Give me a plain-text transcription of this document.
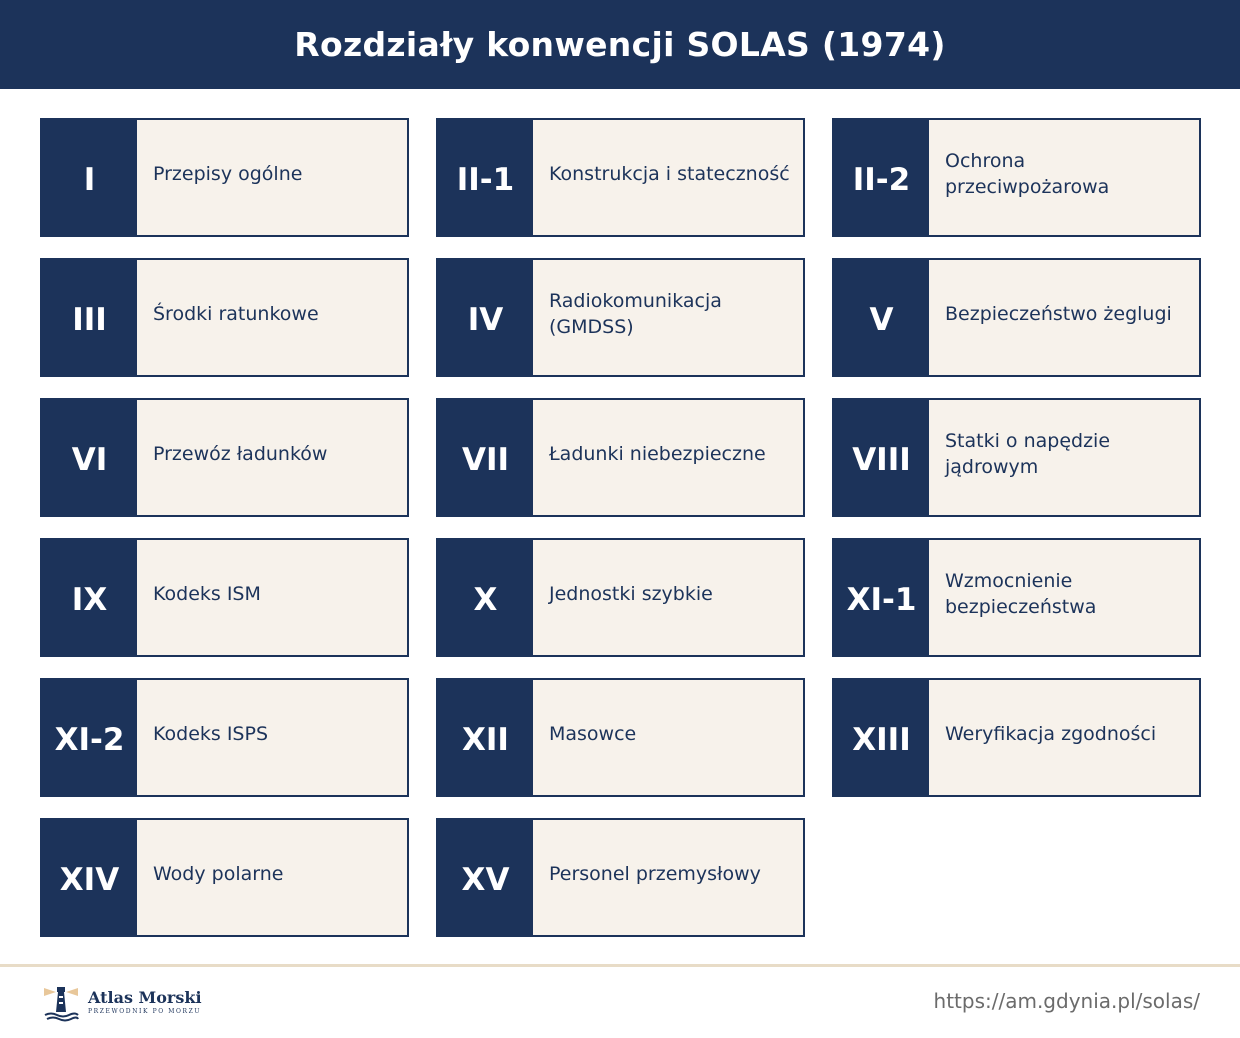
Rozdziały konwencji SOLAS (1974)
I	Przepisy ogólne	II-1	Konstrukcja i stateczność	II-2
Ochrona przeciwpożarowa
III	Środki ratunkowe	IV
Radiokomunikacja (GMDSS)	V	Bezpieczeństwo żeglugi
VI	Przewóz ładunków	VII	Ładunki niebezpieczne	VIII
Statki o napędzie jądrowym
IX	Kodeks ISM	X	Jednostki szybkie	XI-1
Wzmocnienie bezpieczeństwa
XI-2	Kodeks ISPS	XII	Masowce	XIII	Weryfikacja zgodności
XIV	Wody polarne	XV	Personel przemysłowy
Atlas Morski
PRZEWODNIK PO MORZU	https://am.gdynia.pl/solas/
